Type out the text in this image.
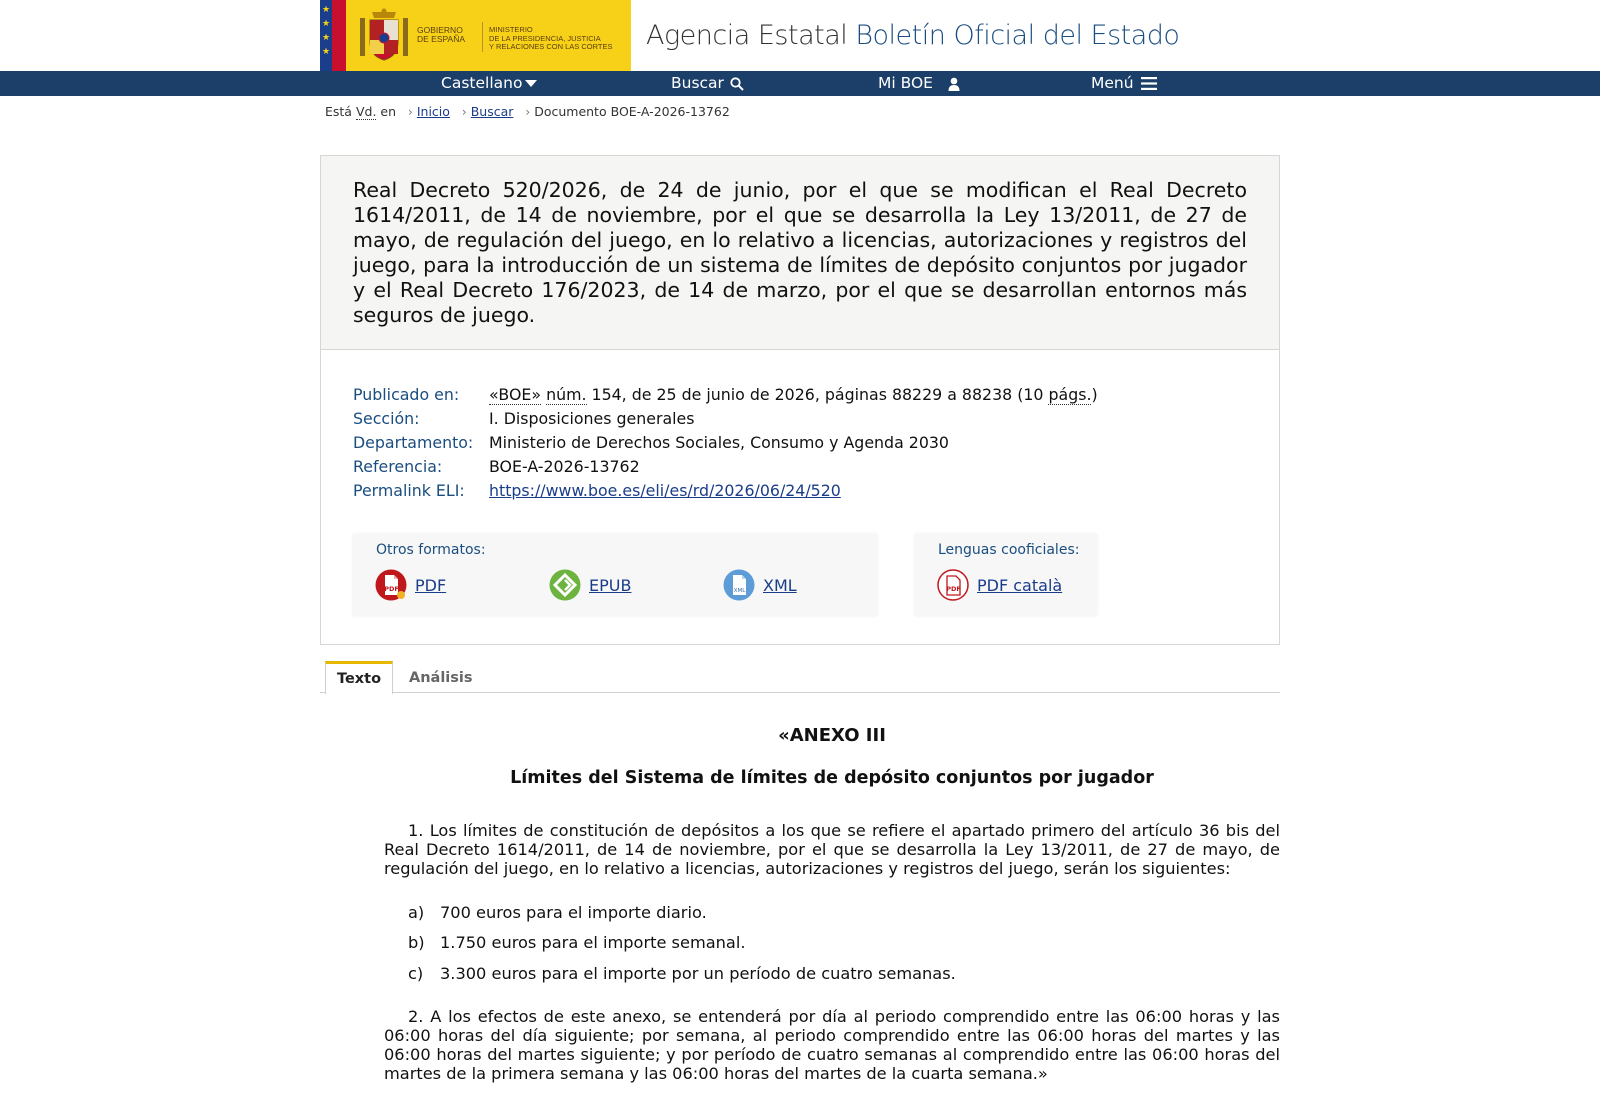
★
★
★
★
GOBIERNO
DE ESPAÑA
MINISTERIO
DE LA PRESIDENCIA, JUSTICIA
Y RELACIONES CON LAS CORTES	Agencia Estatal Boletín Oficial del Estado
Castellano	Buscar	Mi BOE	Menú
Está Vd. en › Inicio › Buscar › Documento BOE-A-2026-13762
Real Decreto 520/2026, de 24 de junio, por el que se modifican el Real Decreto 1614/2011, de 14 de noviembre, por el que se desarrolla la Ley 13/2011, de 27 de mayo, de regulación del juego, en lo relativo a licencias, autorizaciones y registros del juego, para la introducción de un sistema de límites de depósito conjuntos por jugador y el Real Decreto 176/2023, de 14 de marzo, por el que se desarrollan entornos más seguros de juego.
Publicado en: «BOE» núm. 154, de 25 de junio de 2026, páginas 88229 a 88238 (10 págs.)
Sección:	I. Disposiciones generales
Departamento: Ministerio de Derechos Sociales, Consumo y Agenda 2030
Referencia:	BOE-A-2026-13762
Permalink ELI: https://www.boe.es/eli/es/rd/2026/06/24/520
Otros formatos:
PDF PDF	EPUB	XML XML
Lenguas cooficiales:
PDF PDF català
Texto	Análisis
«ANEXO III
Límites del Sistema de límites de depósito conjuntos por jugador

1. Los límites de constitución de depósitos a los que se refiere el apartado primero del artículo 36 bis del Real Decreto 1614/2011, de 14 de noviembre, por el que se desarrolla la Ley 13/2011, de 27 de mayo, de regulación del juego, en lo relativo a licencias, autorizaciones y registros del juego, serán los siguientes:

a) 700 euros para el importe diario.
b) 1.750 euros para el importe semanal.
c) 3.300 euros para el importe por un período de cuatro semanas.

2. A los efectos de este anexo, se entenderá por día al periodo comprendido entre las 06:00 horas y las 06:00 horas del día siguiente; por semana, al periodo comprendido entre las 06:00 horas del martes y las 06:00 horas del martes siguiente; y por período de cuatro semanas al comprendido entre las 06:00 horas del martes de la primera semana y las 06:00 horas del martes de la cuarta semana.»
